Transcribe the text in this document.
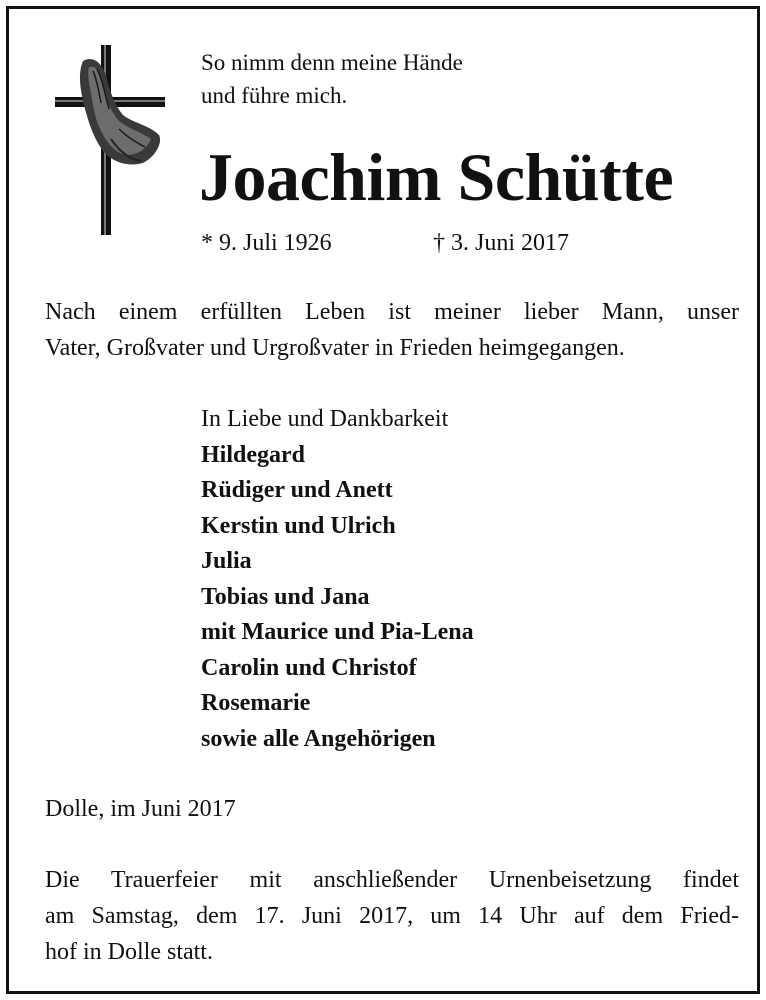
So nimm denn meine Hände
und führe mich.
Joachim Schütte
* 9. Juli 1926	† 3. Juni 2017
Nach einem erfüllten Leben ist meiner lieber Mann, unser
Vater, Großvater und Urgroßvater in Frieden heimgegangen.
In Liebe und Dankbarkeit
Hildegard
Rüdiger und Anett
Kerstin und Ulrich
Julia
Tobias und Jana
mit Maurice und Pia-Lena
Carolin und Christof
Rosemarie
sowie alle Angehörigen
Dolle, im Juni 2017
Die Trauerfeier mit anschließender Urnenbeisetzung findet
am Samstag, dem 17. Juni 2017, um 14 Uhr auf dem Fried-
hof in Dolle statt.
